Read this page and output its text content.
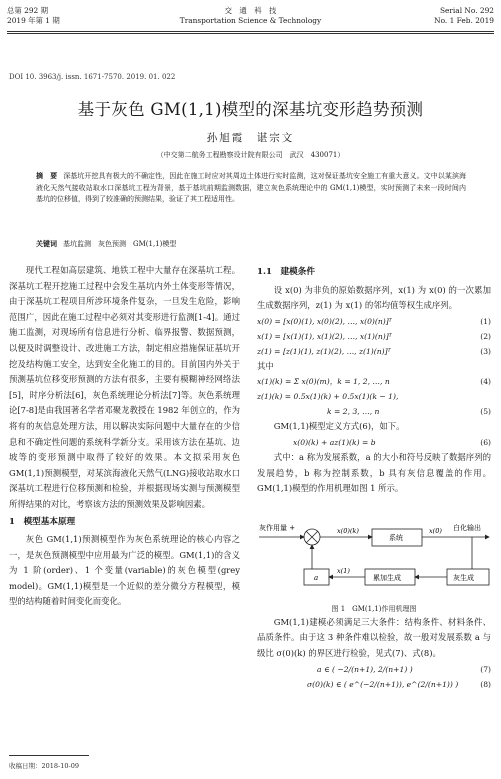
总第 292 期
2019 年第 1 期
交　通　科　技
Transportation Science & Technology
Serial No. 292
No. 1 Feb. 2019
DOI 10. 3963/j. issn. 1671-7570. 2019. 01. 022
基于灰色 GM(1,1)模型的深基坑变形趋势预测
孙旭霞　谌宗文
（中交第二航务工程勘察设计院有限公司　武汉　430071）
摘　要 深基坑开挖具有极大的不确定性，因此在施工时应对其周边土体进行实时监测，这对保证基坑安全施工有重大意义。文中以某滨海液化天然气接收站取水口深基坑工程为背景，基于基坑前期监测数据，建立灰色系统理论中的 GM(1,1)模型，实时预测了未来一段时间内基坑的位移值，得到了较准确的预测结果，验证了其工程适用性。
关键词 基坑监测　灰色预测　GM(1,1)模型

现代工程如高层建筑、地铁工程中大量存在深基坑工程。深基坑工程开挖施工过程中会发生基坑内外土体变形等情况，由于深基坑工程项目所涉环境条件复杂，一旦发生危险，影响范围广，因此在施工过程中必须对其变形进行监测[1-4]。通过施工监测，对现场所有信息进行分析、临界报警、数据预测，以便及时调整设计、改进施工方法，制定相应措施保证基坑开挖及结构施工安全，达到安全化施工的目的。目前国内外关于预测基坑位移变形预测的方法有很多，主要有模糊神经网络法[5]，时序分析法[6]，灰色系统理论分析法[7]等。灰色系统理论[7-8]是由我国著名学者邓聚龙教授在 1982 年创立的，作为将有的灰信息处理方法，用以解决实际问题中大量存在的少信息和不确定性问题的系统科学新分支。采用该方法在基坑、边坡等的变形预测中取得了较好的效果。本文拟采用灰色 GM(1,1)预测模型，对某滨海液化天然气(LNG)接收站取水口深基坑工程进行位移预测和检验，并根据现场实测与预测模型所得结果的对比，考察该方法的预测效果及影响因素。

1　模型基本原理

灰色 GM(1,1)预测模型作为灰色系统理论的核心内容之一，是灰色预测模型中应用最为广泛的模型。GM(1,1)的含义为 1 阶(order)、1 个变量(variable)的灰色模型(grey model)。GM(1,1)模型是一个近似的差分微分方程模型，模型的结构随着时间变化而变化。

1.1　建模条件

设 x(0) 为非负的原始数据序列，x(1) 为 x(0) 的一次累加生成数据序列，z(1) 为 x(1) 的邻均值等权生成序列。

x(0) = [x(0)(1), x(0)(2), …, x(0)(n)]ᵀ	(1)
x(1) = [x(1)(1), x(1)(2), …, x(1)(n)]ᵀ	(2)
z(1) = [z(1)(1), z(1)(2), …, z(1)(n)]ᵀ	(3)
其中
x(1)(k) = Σ x(0)(m)，k = 1, 2, …, n	(4)
z(1)(k) = 0.5x(1)(k) + 0.5x(1)(k − 1),
k = 2, 3, …, n	(5)

GM(1,1)模型定义方式(6)，如下。

x(0)(k) + az(1)(k) = b	(6)

式中：a 称为发展系数，a 的大小和符号反映了数据序列的发展趋势，b 称为控制系数，b 具有灰信息覆盖的作用。GM(1,1)模型的作用机理如图 1 所示。

灰作用量 +	x(0)(k)
系统
x(0) 白化输出
a
x(1)
累加生成	灰生成
图 1　GM(1,1)作用机理图

GM(1,1)建模必须满足三大条件：结构条件、材料条件、品质条件。由于这 3 种条件难以检验，故一般对发展系数 a 与级比 σ(0)(k) 的界区进行检验，见式(7)、式(8)。

a ∈ ( −2/(n+1), 2/(n+1) )	(7)
σ(0)(k) ∈ ( e^(−2/(n+1)), e^(2/(n+1)) )	(8)
收稿日期：2018-10-09
